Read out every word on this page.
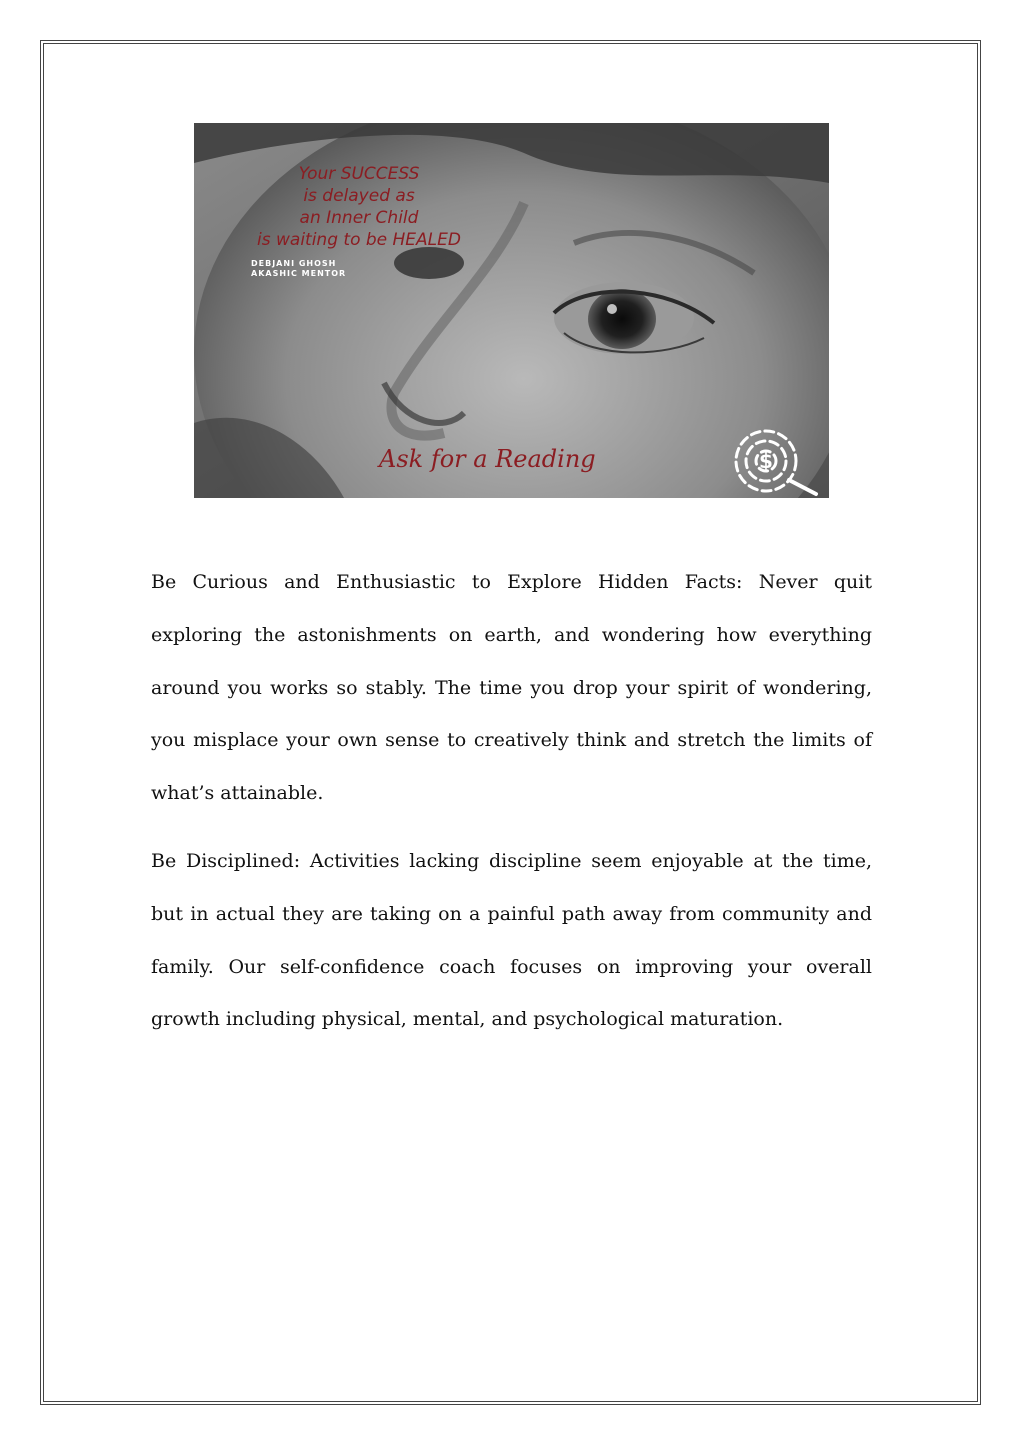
Your SUCCESS
is delayed as
an Inner Child
is waiting to be HEALED
DEBJANI GHOSH
AKASHIC MENTOR
Ask for a Reading	$

Be Curious and Enthusiastic to Explore Hidden Facts: Never quit exploring the astonishments on earth, and wondering how everything around you works so stably. The time you drop your spirit of wondering, you misplace your own sense to creatively think and stretch the limits of what’s attainable.

Be Disciplined: Activities lacking discipline seem enjoyable at the time, but in actual they are taking on a painful path away from community and family. Our self-confidence coach focuses on improving your overall growth including physical, mental, and psychological maturation.
